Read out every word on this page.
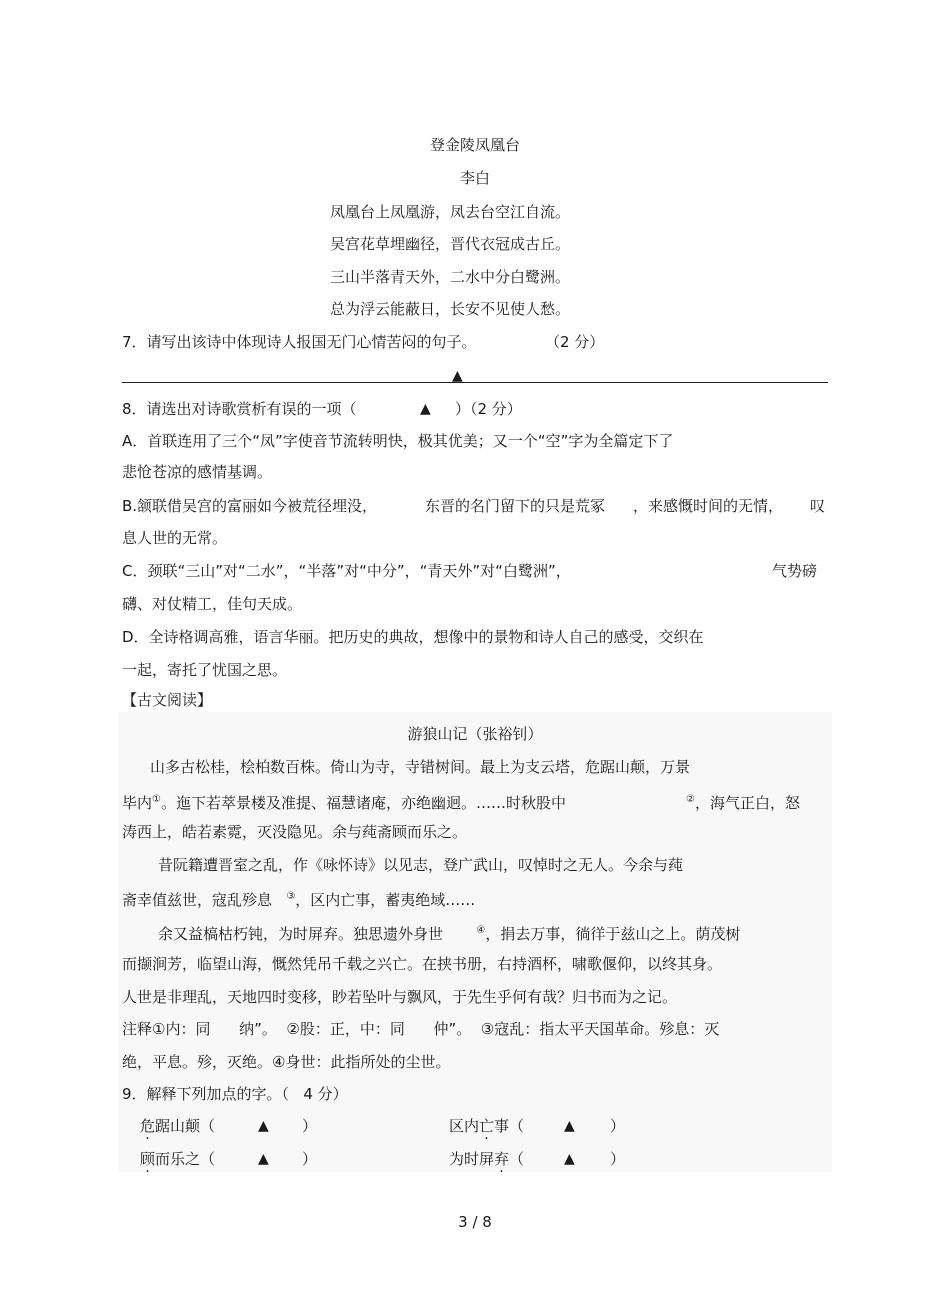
登金陵凤凰台
李白
凤凰台上凤凰游，凤去台空江自流。
吴宫花草埋幽径，晋代衣冠成古丘。
三山半落青天外，二水中分白鹭洲。
总为浮云能蔽日，长安不见使人愁。
7．请写出该诗中体现诗人报国无门心情苦闷的句子。	（2 分）
▲
8．请选出对诗歌赏析有误的一项（	▲ ）（2 分）
A．首联连用了三个“凤”字使音节流转明快，极其优美；又一个“空”字为全篇定下了
悲怆苍凉的感情基调。
B.颔联借吴宫的富丽如今被荒径埋没，	东晋的名门留下的只是荒冢 ，来感慨时间的无情， 叹
息人世的无常。
C．颈联“三山”对“二水”，“半落”对“中分”，“青天外”对“白鹭洲”，	气势磅
礴、对仗精工，佳句天成。
D．全诗格调高雅，语言华丽。把历史的典故，想像中的景物和诗人自己的感受，交织在
一起，寄托了忧国之思。
【古文阅读】
游狼山记（张裕钊）
山多古松桂，桧柏数百株。倚山为寺，寺错树间。最上为支云塔，危踞山颠，万景
毕内①。迤下若萃景楼及准提、福慧诸庵，亦绝幽迥。……时秋股中	②，海气正白，怒
涛西上，皓若素霓，灭没隐见。余与莼斋顾而乐之。
昔阮籍遭晋室之乱，作《咏怀诗》以见志，登广武山，叹悼时之无人。今余与莼
斋幸值兹世，寇乱殄息 ③，区内亡事，蓄夷绝域……
余又益槁枯朽钝，为时屏弃。独思遗外身世	④，捐去万事，徜徉于兹山之上。荫茂树
而撷涧芳，临望山海，慨然凭吊千载之兴亡。在挟书册，右持酒杯，啸歌偃仰，以终其身。
人世是非理乱，天地四时变移，眇若坠叶与飘风，于先生乎何有哉？归书而为之记。
注释①内：同 纳”。 ②股：正，中：同 仲”。 ③寇乱：指太平天国革命。殄息：灭
绝，平息。殄，灭绝。④身世：此指所处的尘世。
9．解释下列加点的字。（ 4 分）
危踞山颠（	▲ ）	区内亡事（	▲ ）
顾而乐之（	▲ ）	为时屏弃（	▲ ）
3 / 8
